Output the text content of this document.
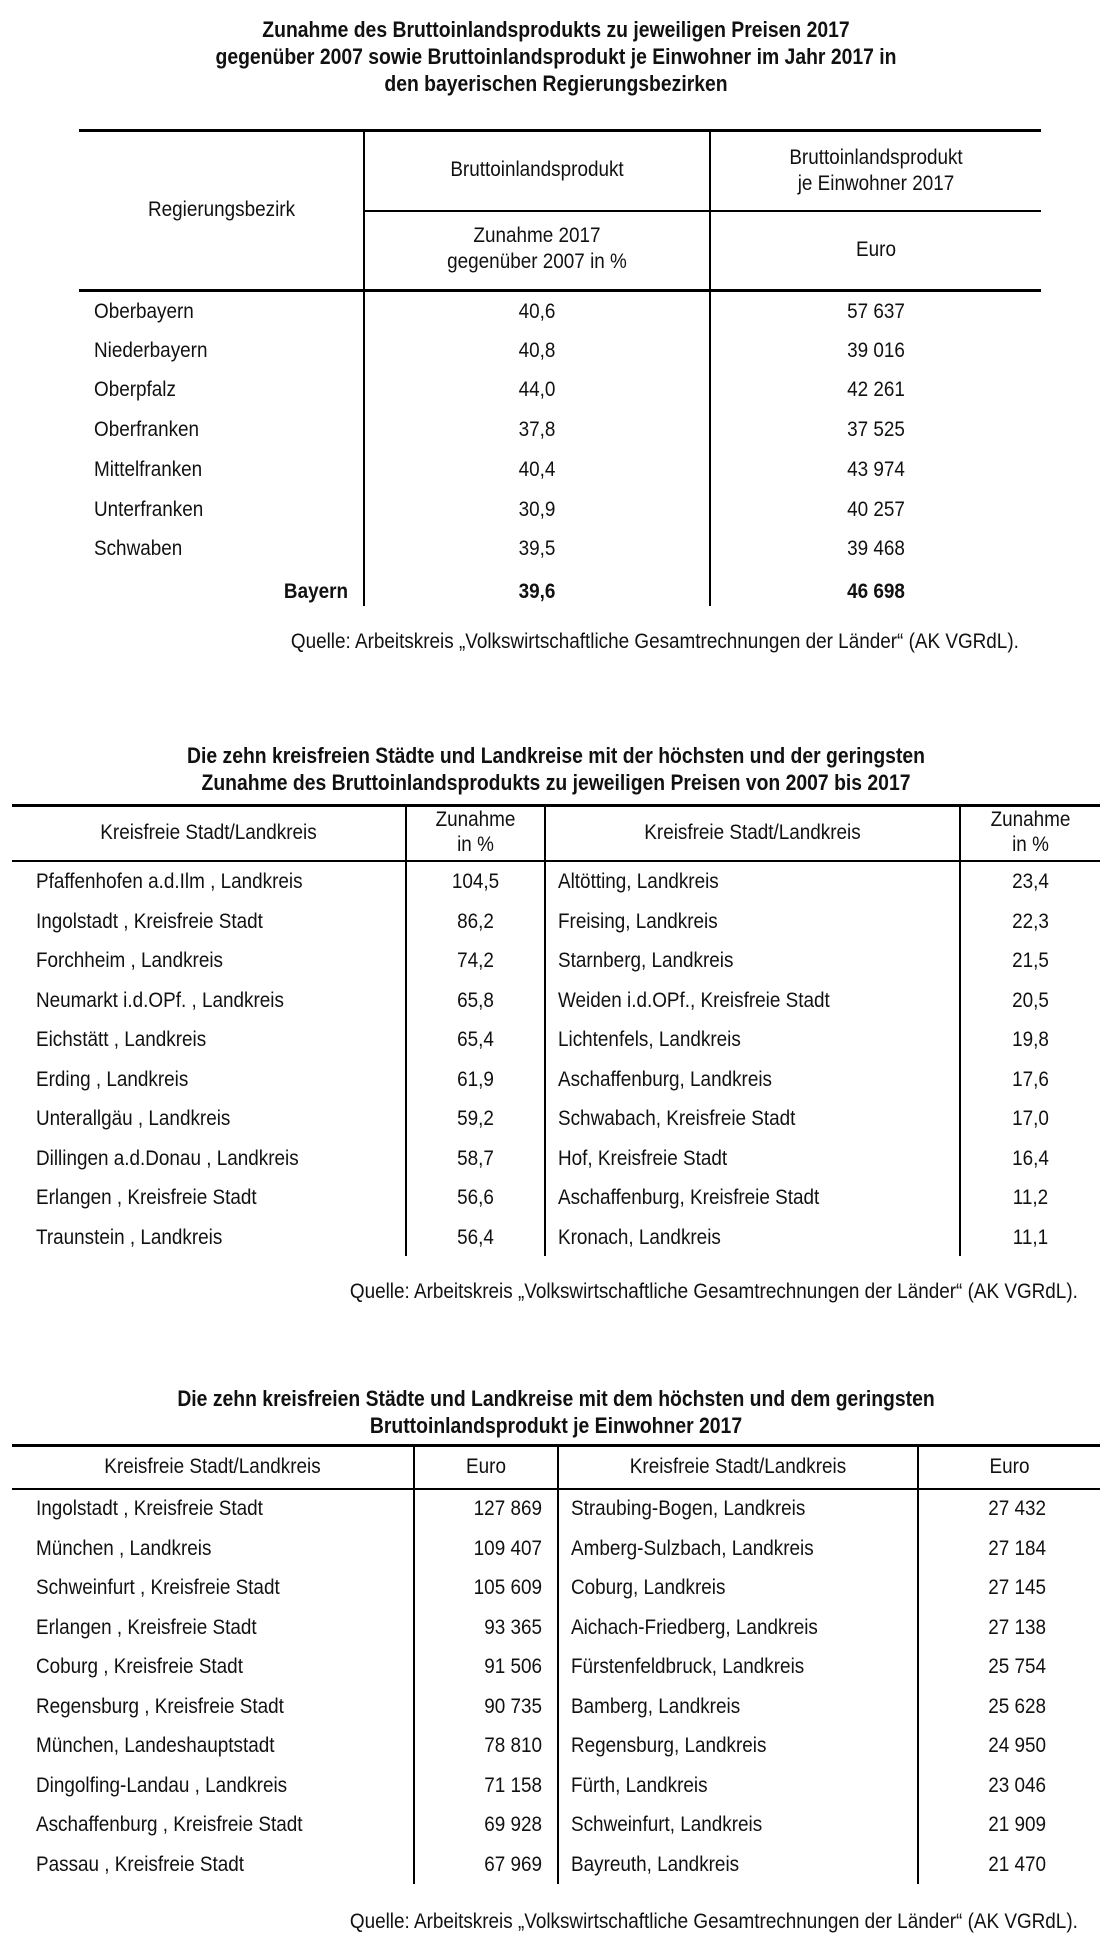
Zunahme des Bruttoinlandsprodukts zu jeweiligen Preisen 2017
gegenüber 2007 sowie Bruttoinlandsprodukt je Einwohner im Jahr 2017 in
den bayerischen Regierungsbezirken
Regierungsbezirk
Bruttoinlandsprodukt
Zunahme 2017
gegenüber 2007 in %
Bruttoinlandsprodukt
je Einwohner 2017
Euro
Oberbayern	40,6	57 637
Niederbayern	40,8	39 016
Oberpfalz	44,0	42 261
Oberfranken	37,8	37 525
Mittelfranken	40,4	43 974
Unterfranken	30,9	40 257
Schwaben	39,5	39 468
Bayern	39,6	46 698
Quelle: Arbeitskreis „Volkswirtschaftliche Gesamtrechnungen der Länder“ (AK VGRdL).
Die zehn kreisfreien Städte und Landkreise mit der höchsten und der geringsten
Zunahme des Bruttoinlandsprodukts zu jeweiligen Preisen von 2007 bis 2017
Kreisfreie Stadt/Landkreis
Zunahme
in %
Kreisfreie Stadt/Landkreis
Zunahme
in %
Pfaffenhofen a.d.Ilm , Landkreis	104,5	Altötting, Landkreis	23,4
Ingolstadt , Kreisfreie Stadt	86,2	Freising, Landkreis	22,3
Forchheim , Landkreis	74,2	Starnberg, Landkreis	21,5
Neumarkt i.d.OPf. , Landkreis	65,8	Weiden i.d.OPf., Kreisfreie Stadt	20,5
Eichstätt , Landkreis	65,4	Lichtenfels, Landkreis	19,8
Erding , Landkreis	61,9	Aschaffenburg, Landkreis	17,6
Unterallgäu , Landkreis	59,2	Schwabach, Kreisfreie Stadt	17,0
Dillingen a.d.Donau , Landkreis	58,7	Hof, Kreisfreie Stadt	16,4
Erlangen , Kreisfreie Stadt	56,6	Aschaffenburg, Kreisfreie Stadt	11,2
Traunstein , Landkreis	56,4	Kronach, Landkreis	11,1
Quelle: Arbeitskreis „Volkswirtschaftliche Gesamtrechnungen der Länder“ (AK VGRdL).
Die zehn kreisfreien Städte und Landkreise mit dem höchsten und dem geringsten
Bruttoinlandsprodukt je Einwohner 2017
Kreisfreie Stadt/Landkreis	Euro	Kreisfreie Stadt/Landkreis	Euro
Ingolstadt , Kreisfreie Stadt	127 869 Straubing-Bogen, Landkreis	27 432
München , Landkreis	109 407 Amberg-Sulzbach, Landkreis	27 184
Schweinfurt , Kreisfreie Stadt	105 609 Coburg, Landkreis	27 145
Erlangen , Kreisfreie Stadt	93 365 Aichach-Friedberg, Landkreis	27 138
Coburg , Kreisfreie Stadt	91 506 Fürstenfeldbruck, Landkreis	25 754
Regensburg , Kreisfreie Stadt	90 735 Bamberg, Landkreis	25 628
München, Landeshauptstadt	78 810 Regensburg, Landkreis	24 950
Dingolfing-Landau , Landkreis	71 158 Fürth, Landkreis	23 046
Aschaffenburg , Kreisfreie Stadt	69 928 Schweinfurt, Landkreis	21 909
Passau , Kreisfreie Stadt	67 969 Bayreuth, Landkreis	21 470
Quelle: Arbeitskreis „Volkswirtschaftliche Gesamtrechnungen der Länder“ (AK VGRdL).
